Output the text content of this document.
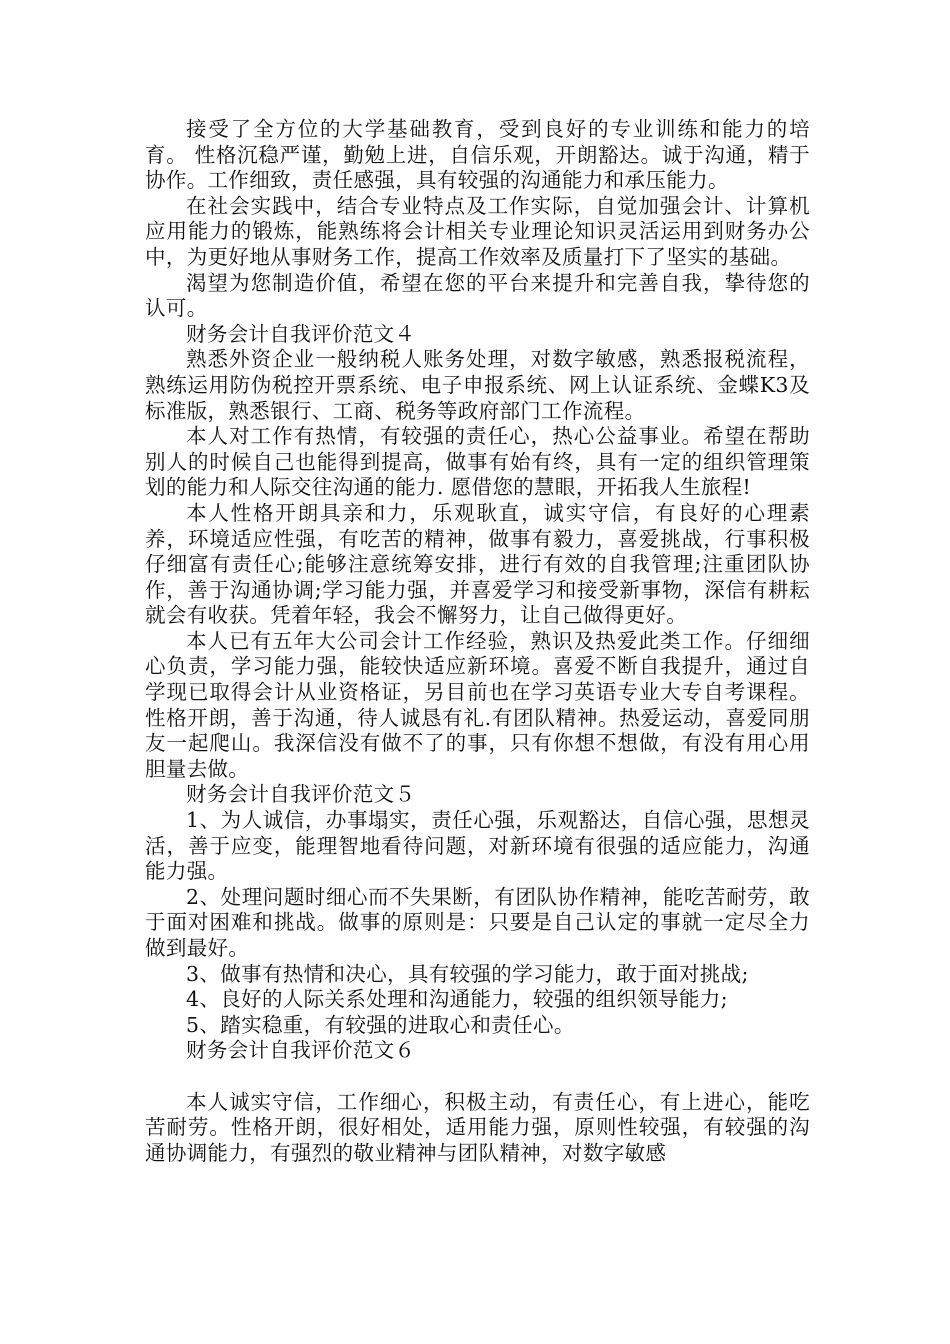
接受了全方位的大学基础教育，受到良好的专业训练和能力的培育。 性格沉稳严谨，勤勉上进，自信乐观，开朗豁达。诚于沟通，精于协作。工作细致，责任感强，具有较强的沟通能力和承压能力。

在社会实践中，结合专业特点及工作实际，自觉加强会计、计算机应用能力的锻炼，能熟练将会计相关专业理论知识灵活运用到财务办公中，为更好地从事财务工作，提高工作效率及质量打下了坚实的基础。

渴望为您制造价值，希望在您的平台来提升和完善自我，挚待您的认可。

财务会计自我评价范文４

熟悉外资企业一般纳税人账务处理，对数字敏感，熟悉报税流程，熟练运用防伪税控开票系统、电子申报系统、网上认证系统、金蝶K3及标准版，熟悉银行、工商、税务等政府部门工作流程。

本人对工作有热情，有较强的责任心，热心公益事业。希望在帮助别人的时候自己也能得到提高，做事有始有终，具有一定的组织管理策划的能力和人际交往沟通的能力. 愿借您的慧眼，开拓我人生旅程!

本人性格开朗具亲和力，乐观耿直，诚实守信，有良好的心理素养，环境适应性强，有吃苦的精神，做事有毅力，喜爱挑战，行事积极仔细富有责任心;能够注意统筹安排，进行有效的自我管理;注重团队协作，善于沟通协调;学习能力强，并喜爱学习和接受新事物，深信有耕耘就会有收获。凭着年轻，我会不懈努力，让自己做得更好。

本人已有五年大公司会计工作经验，熟识及热爱此类工作。仔细细心负责，学习能力强，能较快适应新环境。喜爱不断自我提升，通过自学现已取得会计从业资格证，另目前也在学习英语专业大专自考课程。性格开朗，善于沟通，待人诚恳有礼.有团队精神。热爱运动，喜爱同朋友一起爬山。我深信没有做不了的事，只有你想不想做，有没有用心用胆量去做。

财务会计自我评价范文５

1、为人诚信，办事塌实，责任心强，乐观豁达，自信心强，思想灵活，善于应变，能理智地看待问题，对新环境有很强的适应能力，沟通能力强。

2、处理问题时细心而不失果断，有团队协作精神，能吃苦耐劳，敢于面对困难和挑战。做事的原则是：只要是自己认定的事就一定尽全力做到最好。

3、做事有热情和决心，具有较强的学习能力，敢于面对挑战;

4、良好的人际关系处理和沟通能力，较强的组织领导能力;

5、踏实稳重，有较强的进取心和责任心。

财务会计自我评价范文６

本人诚实守信，工作细心，积极主动，有责任心，有上进心，能吃苦耐劳。性格开朗，很好相处，适用能力强，原则性较强，有较强的沟通协调能力，有强烈的敬业精神与团队精神，对数字敏感
